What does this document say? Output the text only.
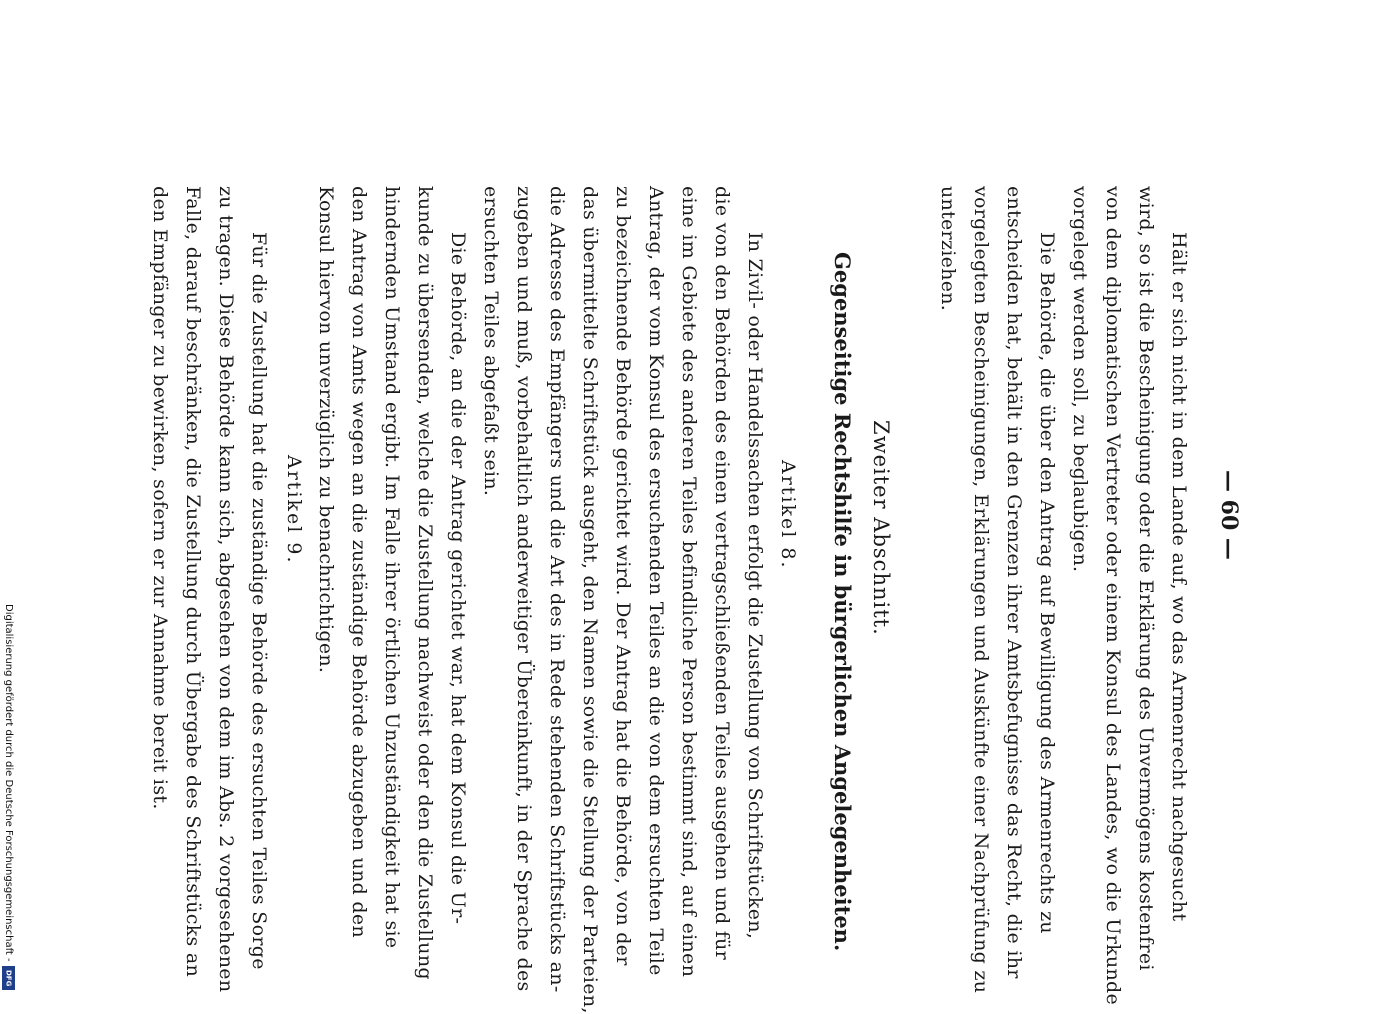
— 60 —
Hält er sich nicht in dem Lande auf, wo das Armenrecht nachgesucht
wird, so ist die Bescheinigung oder die Erklärung des Unvermögens kostenfrei
von dem diplomatischen Vertreter oder einem Konsul des Landes, wo die Urkunde
vorgelegt werden soll, zu beglaubigen.
Die Behörde, die über den Antrag auf Bewilligung des Armenrechts zu
entscheiden hat, behält in den Grenzen ihrer Amtsbefugnisse das Recht, die ihr
vorgelegten Bescheinigungen, Erklärungen und Auskünfte einer Nachprüfung zu
unterziehen.
Zweiter Abschnitt.
Gegenseitige Rechtshilfe in bürgerlichen Angelegenheiten.
Artikel 8.
In Zivil- oder Handelssachen erfolgt die Zustellung von Schriftstücken,
die von den Behörden des einen vertragschließenden Teiles ausgehen und für
eine im Gebiete des anderen Teiles befindliche Person bestimmt sind, auf einen
Antrag, der vom Konsul des ersuchenden Teiles an die von dem ersuchten Teile
zu bezeichnende Behörde gerichtet wird. Der Antrag hat die Behörde, von der
das übermittelte Schriftstück ausgeht, den Namen sowie die Stellung der Parteien,
die Adresse des Empfängers und die Art des in Rede stehenden Schriftstücks an-
zugeben und muß, vorbehaltlich anderweitiger Übereinkunft, in der Sprache des
ersuchten Teiles abgefaßt sein.
Die Behörde, an die der Antrag gerichtet war, hat dem Konsul die Ur-
kunde zu übersenden, welche die Zustellung nachweist oder den die Zustellung
hindernden Umstand ergibt. Im Falle ihrer örtlichen Unzuständigkeit hat sie
den Antrag von Amts wegen an die zuständige Behörde abzugeben und den
Konsul hiervon unverzüglich zu benachrichtigen.
Artikel 9.
Für die Zustellung hat die zuständige Behörde des ersuchten Teiles Sorge
zu tragen. Diese Behörde kann sich, abgesehen von dem im Abs. 2 vorgesehenen
Falle, darauf beschränken, die Zustellung durch Übergabe des Schriftstücks an
den Empfänger zu bewirken, sofern er zur Annahme bereit ist.
Digitalisierung gefördert durch die Deutsche Forschungsgemeinschaft -
DFG
